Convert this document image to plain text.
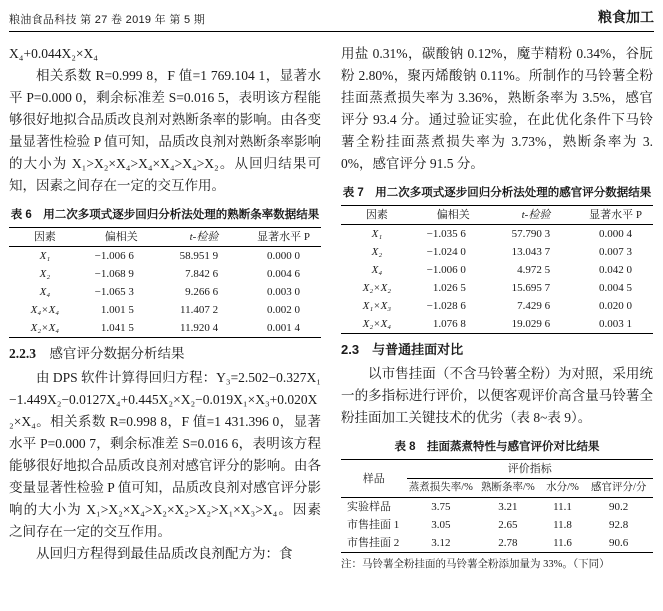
粮油食品科技 第 27 卷 2019 年 第 5 期	粮食加工

X₄+0.044X₂×X₄

相关系数 R=0.999 8，F 值=1 769.104 1，显著水平 P=0.000 0，剩余标准差 S=0.016 5，表明该方程能够很好地拟合品质改良剂对熟断条率的影响。由各变量显著性检验 P 值可知，品质改良剂对熟断条率影响的大小为 X₁>X₂×X₄>X₄×X₄>X₄>X₂。从回归结果可知，因素之间存在一定的交互作用。

表 6　用二次多项式逐步回归分析法处理的熟断条率数据结果
因素	偏相关	t-检验	显著水平 P
X₁	−1.006 6	58.951 9	0.000 0
X₂	−1.068 9	7.842 6	0.004 6
X₄	−1.065 3	9.266 6	0.003 0
X₄×X₄	1.001 5	11.407 2	0.002 0
X₂×X₄	1.041 5	11.920 4	0.001 4
2.2.3　感官评分数据分析结果

由 DPS 软件计算得回归方程：Y₃=2.502−0.327X₁−1.449X₂−0.0127X₄+0.445X₂×X₂−0.019X₁×X₃+0.020X₂×X₄。相关系数 R=0.998 8，F 值=1 431.396 0，显著水平 P=0.000 7，剩余标准差 S=0.016 6，表明该方程能够很好地拟合品质改良剂对感官评分的影响。由各变量显著性检验 P 值可知，品质改良剂对感官评分影响的大小为 X₁>X₂×X₄>X₂×X₂>X₂>X₁×X₃>X₄。因素之间存在一定的交互作用。

从回归方程得到最佳品质改良剂配方为：食

用盐 0.31%，碳酸钠 0.12%，魔芋精粉 0.34%，谷朊粉 2.80%，聚丙烯酸钠 0.11%。所制作的马铃薯全粉挂面蒸煮损失率为 3.36%，熟断条率为 3.5%，感官评分 93.4 分。通过验证实验，在此优化条件下马铃薯全粉挂面蒸煮损失率为 3.73%，熟断条率为 3.0%，感官评分 91.5 分。

表 7　用二次多项式逐步回归分析法处理的感官评分数据结果
因素	偏相关	t-检验	显著水平 P
X₁	−1.035 6	57.790 3	0.000 4
X₂	−1.024 0	13.043 7	0.007 3
X₄	−1.006 0	4.972 5	0.042 0
X₂×X₂	1.026 5	15.695 7	0.004 5
X₁×X₃	−1.028 6	7.429 6	0.020 0
X₂×X₄	1.076 8	19.029 6	0.003 1
2.3　与普通挂面对比

以市售挂面（不含马铃薯全粉）为对照，采用统一的多指标进行评价，以便客观评价高含量马铃薯全粉挂面加工关键技术的优劣（表 8~表 9）。

表 8　挂面蒸煮特性与感官评价对比结果
样品	评价指标			
	蒸煮损失率/%	熟断条率/%	水分/%	感官评分/分
实验样品	3.75	3.21	11.1	90.2
市售挂面 1	3.05	2.65	11.8	92.8
市售挂面 2	3.12	2.78	11.6	90.6
注：马铃薯全粉挂面的马铃薯全粉添加量为 33%。（下同）
